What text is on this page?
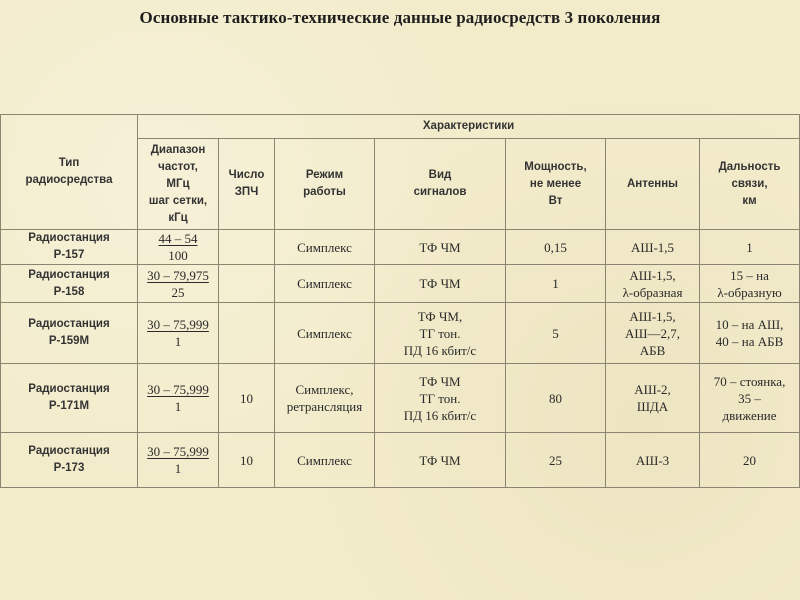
Основные тактико-технические данные радиосредств 3 поколения
Тип
радиосредства	Характеристики						

	Диапазон
частот,
МГц
шаг сетки,
кГц	Число
ЗПЧ	Режим
работы	Вид
сигналов	Мощность,
не менее
Вт	Антенны	Дальность
связи,
км

Радиостанция
Р-157	44 – 54
100		Симплекс	ТФ ЧМ	0,15	АШ-1,5	1

Радиостанция
Р-158	30 – 79,975
25		Симплекс	ТФ ЧМ	1	АШ-1,5,
λ-образная	15 – на
λ-образную

Радиостанция
Р-159М	30 – 75,999
1		Симплекс	ТФ ЧМ,
ТГ тон.
ПД 16 кбит/с	5	АШ-1,5,
АШ—2,7,
АБВ	10 – на АШ,
40 – на АБВ

Радиостанция
Р-171М	30 – 75,999
1	10	Симплекс,
ретрансляция	ТФ ЧМ
ТГ тон.
ПД 16 кбит/с	80	АШ-2,
ШДА	70 – стоянка,
35 –
движение

Радиостанция
Р-173	30 – 75,999
1	10	Симплекс	ТФ ЧМ	25	АШ-3	20
